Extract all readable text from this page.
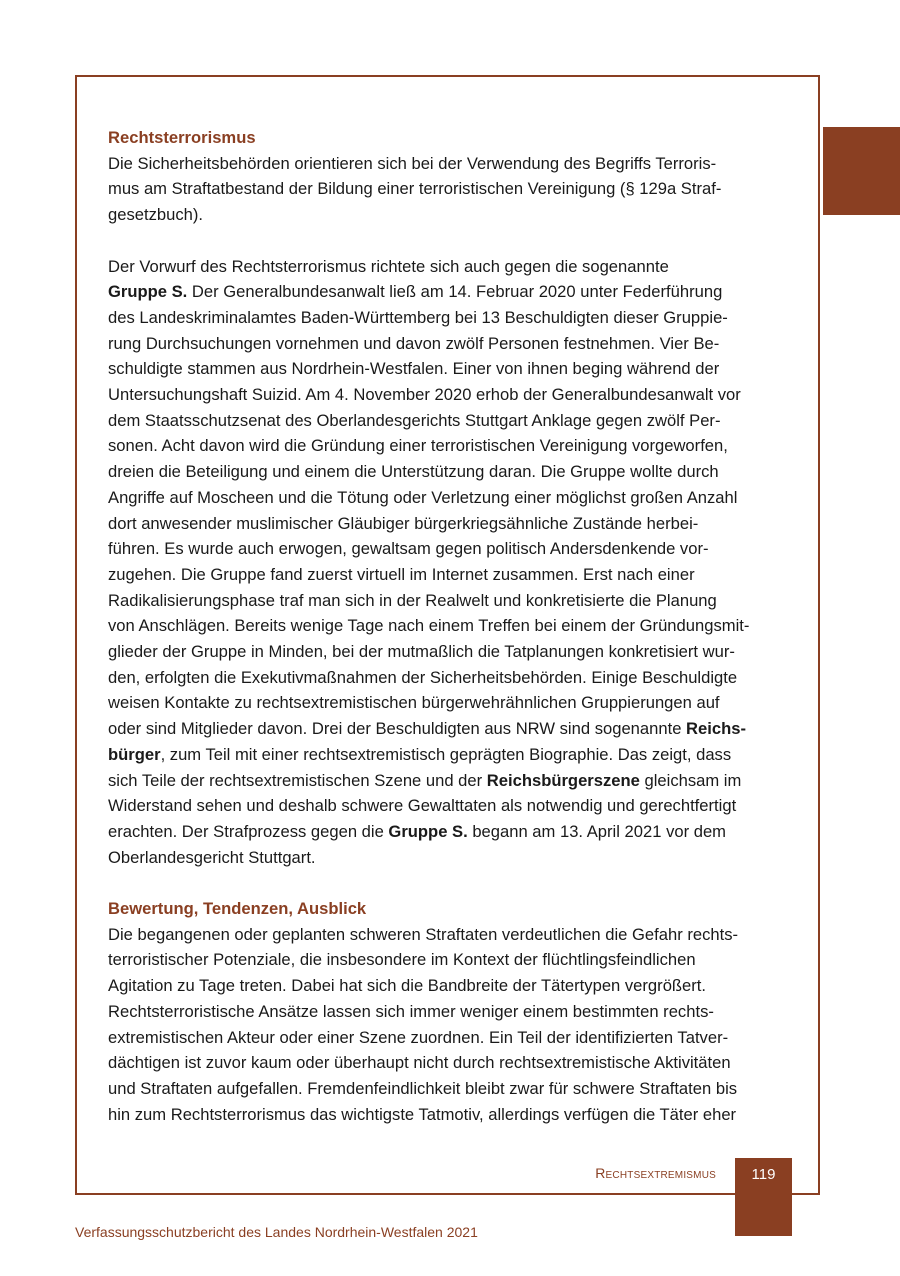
Rechtsterrorismus

Die Sicherheitsbehörden orientieren sich bei der Verwendung des Begriffs Terroris-

mus am Straftatbestand der Bildung einer terroristischen Vereinigung (§ 129a Straf-

gesetzbuch).

Der Vorwurf des Rechtsterrorismus richtete sich auch gegen die sogenannte

Gruppe S. Der Generalbundesanwalt ließ am 14. Februar 2020 unter Federführung

des Landeskriminalamtes Baden-Württemberg bei 13 Beschuldigten dieser Gruppie-

rung Durchsuchungen vornehmen und davon zwölf Personen festnehmen. Vier Be-

schuldigte stammen aus Nordrhein-Westfalen. Einer von ihnen beging während der

Untersuchungshaft Suizid. Am 4. November 2020 erhob der Generalbundesanwalt vor

dem Staatsschutzsenat des Oberlandesgerichts Stuttgart Anklage gegen zwölf Per-

sonen. Acht davon wird die Gründung einer terroristischen Vereinigung vorgeworfen,

dreien die Beteiligung und einem die Unterstützung daran. Die Gruppe wollte durch

Angriffe auf Moscheen und die Tötung oder Verletzung einer möglichst großen Anzahl

dort anwesender muslimischer Gläubiger bürgerkriegsähnliche Zustände herbei-

führen. Es wurde auch erwogen, gewaltsam gegen politisch Andersdenkende vor-

zugehen. Die Gruppe fand zuerst virtuell im Internet zusammen. Erst nach einer

Radikalisierungsphase traf man sich in der Realwelt und konkretisierte die Planung

von Anschlägen. Bereits wenige Tage nach einem Treffen bei einem der Gründungsmit-

glieder der Gruppe in Minden, bei der mutmaßlich die Tatplanungen konkretisiert wur-

den, erfolgten die Exekutivmaßnahmen der Sicherheitsbehörden. Einige Beschuldigte

weisen Kontakte zu rechtsextremistischen bürgerwehrähnlichen Gruppierungen auf

oder sind Mitglieder davon. Drei der Beschuldigten aus NRW sind sogenannte Reichs-

bürger, zum Teil mit einer rechtsextremistisch geprägten Biographie. Das zeigt, dass

sich Teile der rechtsextremistischen Szene und der Reichsbürgerszene gleichsam im

Widerstand sehen und deshalb schwere Gewalttaten als notwendig und gerechtfertigt

erachten. Der Strafprozess gegen die Gruppe S. begann am 13. April 2021 vor dem

Oberlandesgericht Stuttgart.

Bewertung, Tendenzen, Ausblick

Die begangenen oder geplanten schweren Straftaten verdeutlichen die Gefahr rechts-

terroristischer Potenziale, die insbesondere im Kontext der flüchtlingsfeindlichen

Agitation zu Tage treten. Dabei hat sich die Bandbreite der Tätertypen vergrößert.

Rechtsterroristische Ansätze lassen sich immer weniger einem bestimmten rechts-

extremistischen Akteur oder einer Szene zuordnen. Ein Teil der identifizierten Tatver-

dächtigen ist zuvor kaum oder überhaupt nicht durch rechtsextremistische Aktivitäten

und Straftaten aufgefallen. Fremdenfeindlichkeit bleibt zwar für schwere Straftaten bis

hin zum Rechtsterrorismus das wichtigste Tatmotiv, allerdings verfügen die Täter eher

Rechtsextremismus	119
Verfassungsschutzbericht des Landes Nordrhein-Westfalen 2021
